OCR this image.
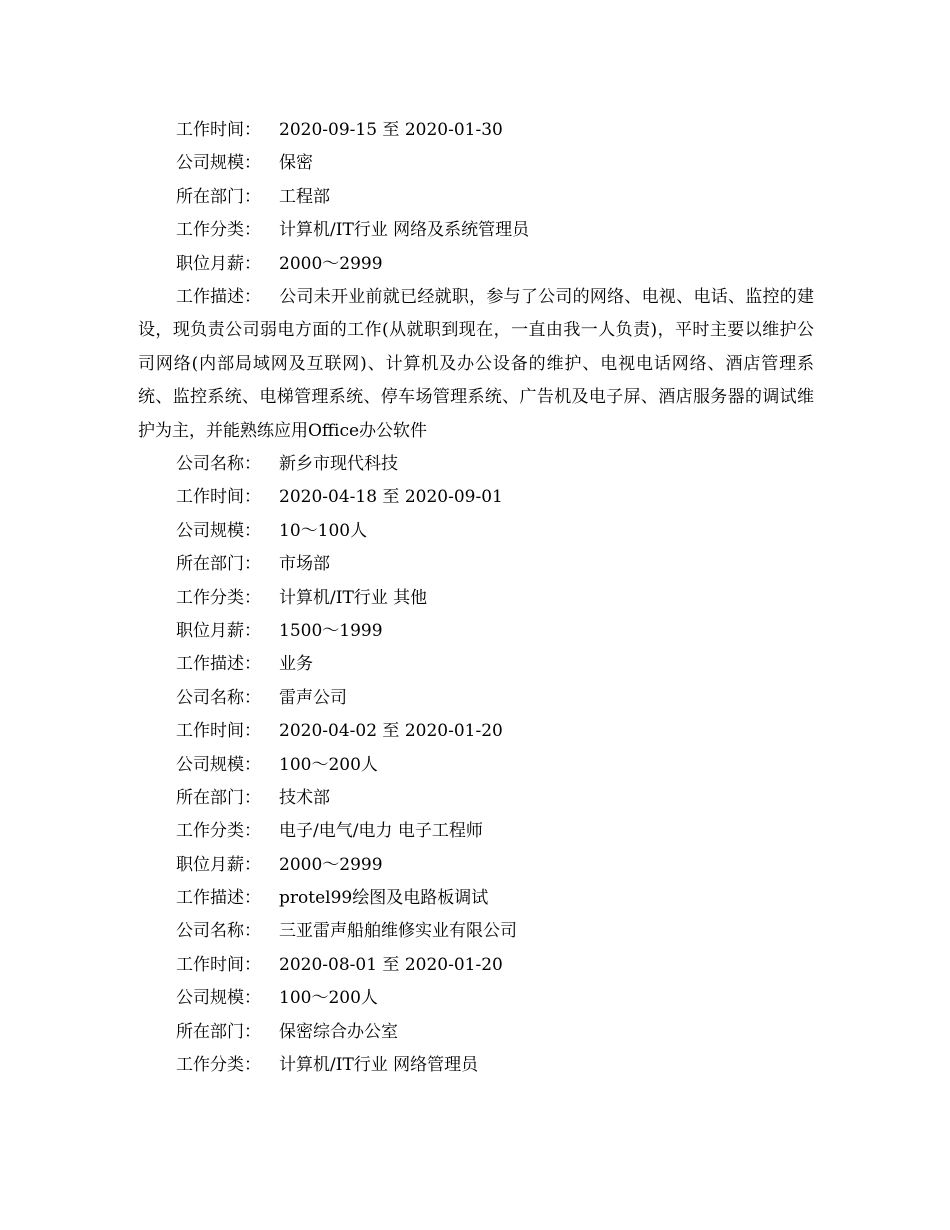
工作时间： 2020-09-15 至 2020-01-30
公司规模： 保密
所在部门： 工程部
工作分类： 计算机/IT行业 网络及系统管理员
职位月薪： 2000～2999
工作描述： 公司未开业前就已经就职，参与了公司的网络、电视、电话、监控的建设，现负责公司弱电方面的工作(从就职到现在，一直由我一人负责)，平时主要以维护公司网络(内部局域网及互联网)、计算机及办公设备的维护、电视电话网络、酒店管理系统、监控系统、电梯管理系统、停车场管理系统、广告机及电子屏、酒店服务器的调试维护为主，并能熟练应用Office办公软件
公司名称： 新乡市现代科技
工作时间： 2020-04-18 至 2020-09-01
公司规模： 10～100人
所在部门： 市场部
工作分类： 计算机/IT行业 其他
职位月薪： 1500～1999
工作描述： 业务
公司名称： 雷声公司
工作时间： 2020-04-02 至 2020-01-20
公司规模： 100～200人
所在部门： 技术部
工作分类： 电子/电气/电力 电子工程师
职位月薪： 2000～2999
工作描述： protel99绘图及电路板调试
公司名称： 三亚雷声船舶维修实业有限公司
工作时间： 2020-08-01 至 2020-01-20
公司规模： 100～200人
所在部门： 保密综合办公室
工作分类： 计算机/IT行业 网络管理员
